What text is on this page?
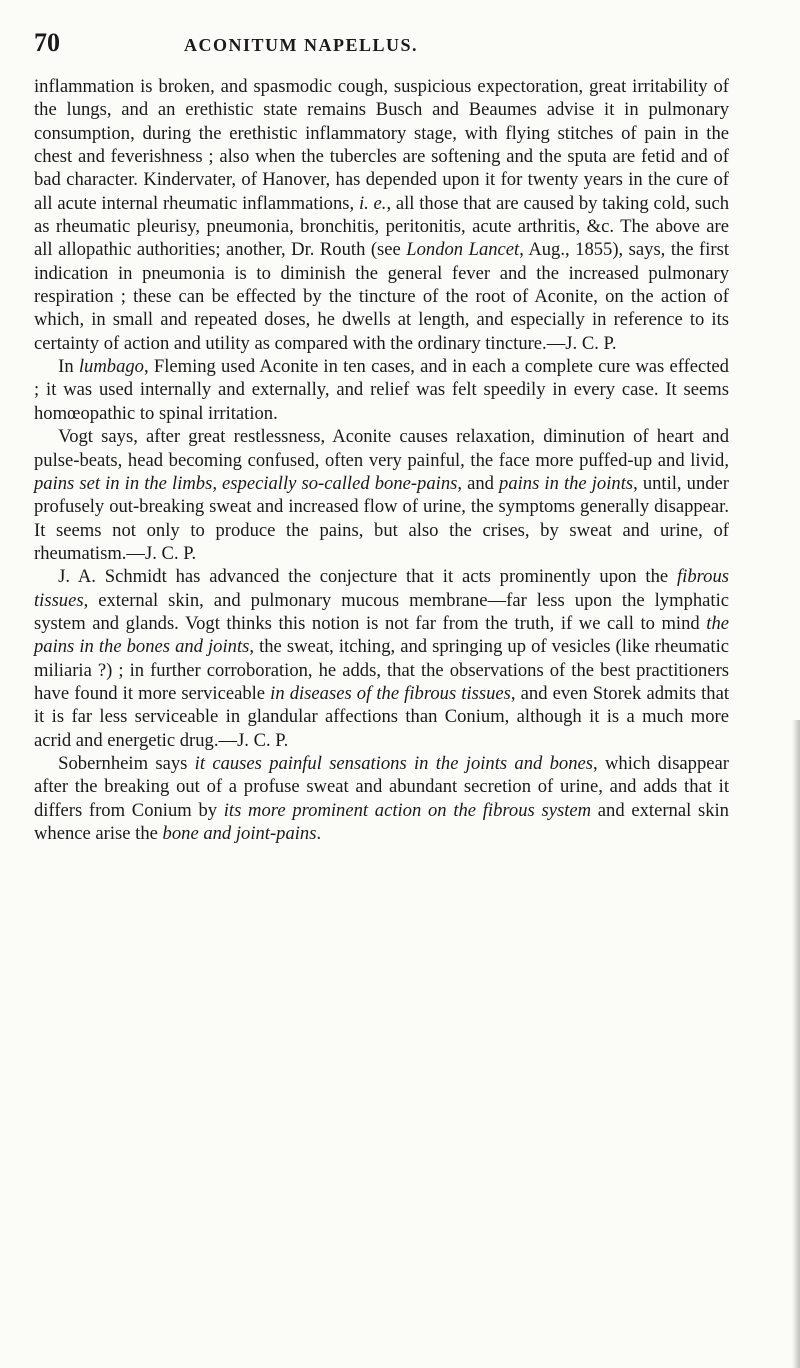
70	ACONITUM NAPELLUS.

inflammation is broken, and spasmodic cough, suspicious expectoration, great irritability of the lungs, and an erethistic state remains Busch and Beaumes advise it in pulmonary consumption, during the erethistic inflammatory stage, with flying stitches of pain in the chest and feverishness ; also when the tubercles are softening and the sputa are fetid and of bad character. Kindervater, of Hanover, has depended upon it for twenty years in the cure of all acute internal rheumatic inflammations, i. e., all those that are caused by taking cold, such as rheumatic pleurisy, pneumonia, bronchitis, peritonitis, acute arthritis, &c. The above are all allopathic authorities; another, Dr. Routh (see London Lancet, Aug., 1855), says, the first indication in pneumonia is to diminish the general fever and the increased pulmonary respiration ; these can be effected by the tincture of the root of Aconite, on the action of which, in small and repeated doses, he dwells at length, and especially in reference to its certainty of action and utility as compared with the ordinary tincture.—J. C. P.

In lumbago, Fleming used Aconite in ten cases, and in each a complete cure was effected ; it was used internally and externally, and relief was felt speedily in every case. It seems homœopathic to spinal irritation.

Vogt says, after great restlessness, Aconite causes relaxation, diminution of heart and pulse-beats, head becoming confused, often very painful, the face more puffed-up and livid, pains set in in the limbs, especially so-called bone-pains, and pains in the joints, until, under profusely out-breaking sweat and increased flow of urine, the symptoms generally disappear. It seems not only to produce the pains, but also the crises, by sweat and urine, of rheumatism.—J. C. P.

J. A. Schmidt has advanced the conjecture that it acts prominently upon the fibrous tissues, external skin, and pulmonary mucous membrane—far less upon the lymphatic system and glands. Vogt thinks this notion is not far from the truth, if we call to mind the pains in the bones and joints, the sweat, itching, and springing up of vesicles (like rheumatic miliaria ?) ; in further corroboration, he adds, that the observations of the best practitioners have found it more serviceable in diseases of the fibrous tissues, and even Storek admits that it is far less serviceable in glandular affections than Conium, although it is a much more acrid and energetic drug.—J. C. P.

Sobernheim says it causes painful sensations in the joints and bones, which disappear after the breaking out of a profuse sweat and abundant secretion of urine, and adds that it differs from Conium by its more prominent action on the fibrous system and external skin whence arise the bone and joint-pains.
